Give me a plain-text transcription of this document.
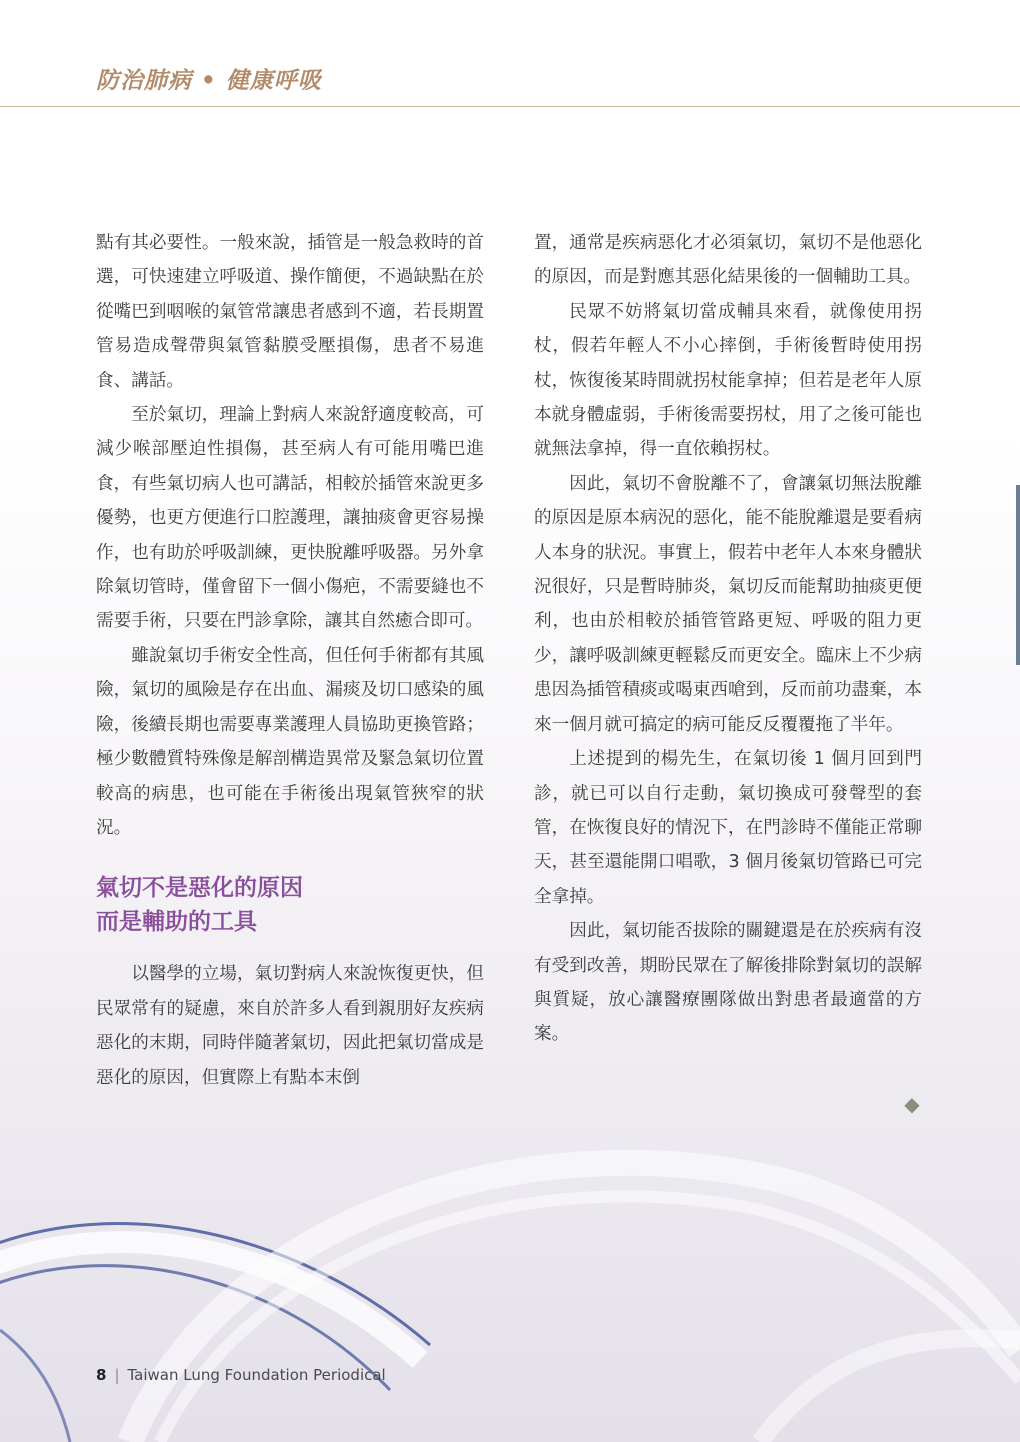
防治肺病 • 健康呼吸

點有其必要性。一般來說，插管是一般急救時的首選，可快速建立呼吸道、操作簡便，不過缺點在於從嘴巴到咽喉的氣管常讓患者感到不適，若長期置管易造成聲帶與氣管黏膜受壓損傷，患者不易進食、講話。

至於氣切，理論上對病人來說舒適度較高，可減少喉部壓迫性損傷，甚至病人有可能用嘴巴進食，有些氣切病人也可講話，相較於插管來說更多優勢，也更方便進行口腔護理，讓抽痰會更容易操作，也有助於呼吸訓練，更快脫離呼吸器。另外拿除氣切管時，僅會留下一個小傷疤，不需要縫也不需要手術，只要在門診拿除，讓其自然癒合即可。

雖說氣切手術安全性高，但任何手術都有其風險，氣切的風險是存在出血、漏痰及切口感染的風險，後續長期也需要專業護理人員協助更換管路；極少數體質特殊像是解剖構造異常及緊急氣切位置較高的病患，也可能在手術後出現氣管狹窄的狀況。

氣切不是惡化的原因
而是輔助的工具

以醫學的立場，氣切對病人來說恢復更快，但民眾常有的疑慮，來自於許多人看到親朋好友疾病惡化的末期，同時伴隨著氣切，因此把氣切當成是惡化的原因，但實際上有點本末倒

置，通常是疾病惡化才必須氣切，氣切不是他惡化的原因，而是對應其惡化結果後的一個輔助工具。

民眾不妨將氣切當成輔具來看，就像使用拐杖，假若年輕人不小心摔倒，手術後暫時使用拐杖，恢復後某時間就拐杖能拿掉；但若是老年人原本就身體虛弱，手術後需要拐杖，用了之後可能也就無法拿掉，得一直依賴拐杖。

因此，氣切不會脫離不了，會讓氣切無法脫離的原因是原本病況的惡化，能不能脫離還是要看病人本身的狀況。事實上，假若中老年人本來身體狀況很好，只是暫時肺炎，氣切反而能幫助抽痰更便利，也由於相較於插管管路更短、呼吸的阻力更少，讓呼吸訓練更輕鬆反而更安全。臨床上不少病患因為插管積痰或喝東西嗆到，反而前功盡棄，本來一個月就可搞定的病可能反反覆覆拖了半年。

上述提到的楊先生，在氣切後 1 個月回到門診，就已可以自行走動，氣切換成可發聲型的套管，在恢復良好的情況下，在門診時不僅能正常聊天，甚至還能開口唱歌，3 個月後氣切管路已可完全拿掉。

因此，氣切能否拔除的關鍵還是在於疾病有沒有受到改善，期盼民眾在了解後排除對氣切的誤解與質疑，放心讓醫療團隊做出對患者最適當的方案。

◆
8 | Taiwan Lung Foundation Periodical
